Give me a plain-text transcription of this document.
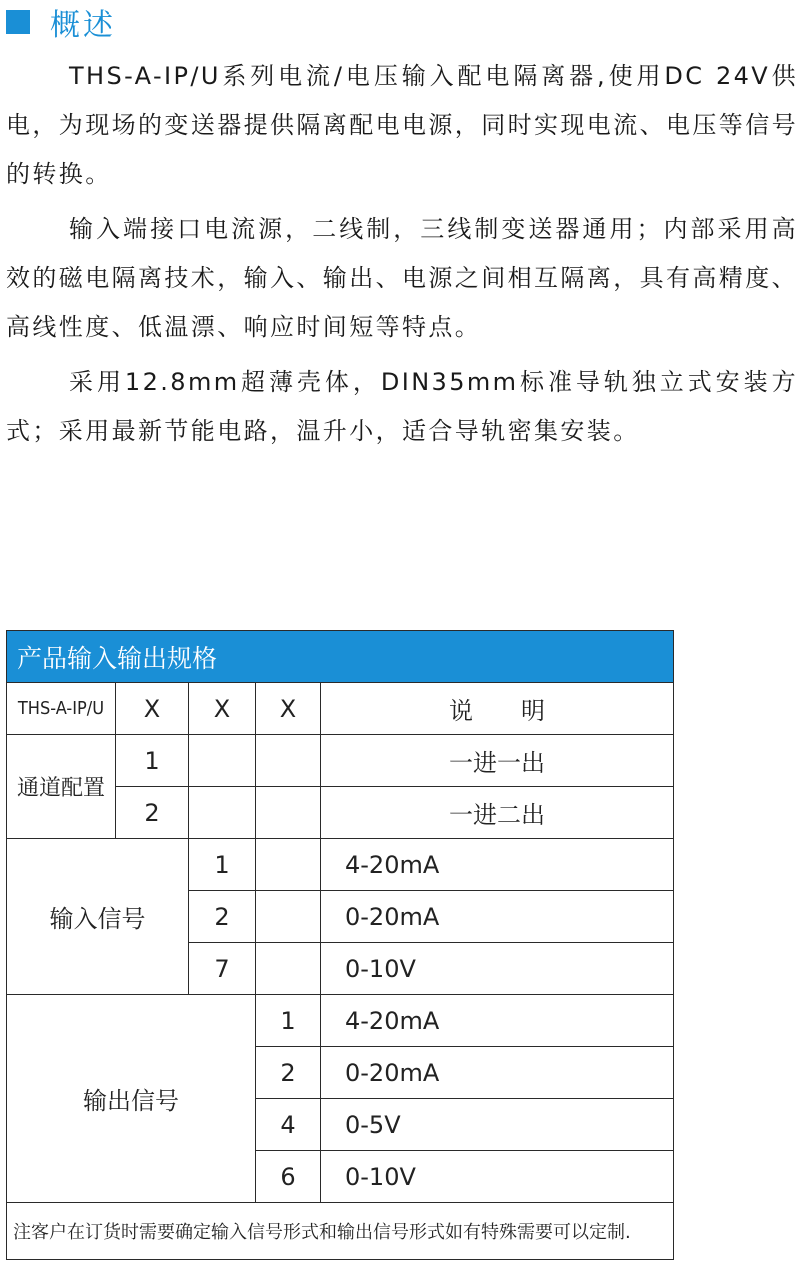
概述

THS-A-IP/U系列电流/电压输入配电隔离器,使用DC 24V供电，为现场的变送器提供隔离配电电源，同时实现电流、电压等信号的转换。

输入端接口电流源，二线制，三线制变送器通用；内部采用高效的磁电隔离技术，输入、输出、电源之间相互隔离，具有高精度、高线性度、低温漂、响应时间短等特点。

采用12.8mm超薄壳体，DIN35mm标准导轨独立式安装方式；采用最新节能电路，温升小，适合导轨密集安装。

产品输入输出规格				
THS-A-IP/U	X	X	X	说　　明
通道配置	1			一进一出
	2			一进二出
输入信号		1		4-20mA
		2		0-20mA
		7		0-10V
输出信号			1	4-20mA
			2	0-20mA
			4	0-5V
			6	0-10V
注客户在订货时需要确定输入信号形式和输出信号形式如有特殊需要可以定制.				
